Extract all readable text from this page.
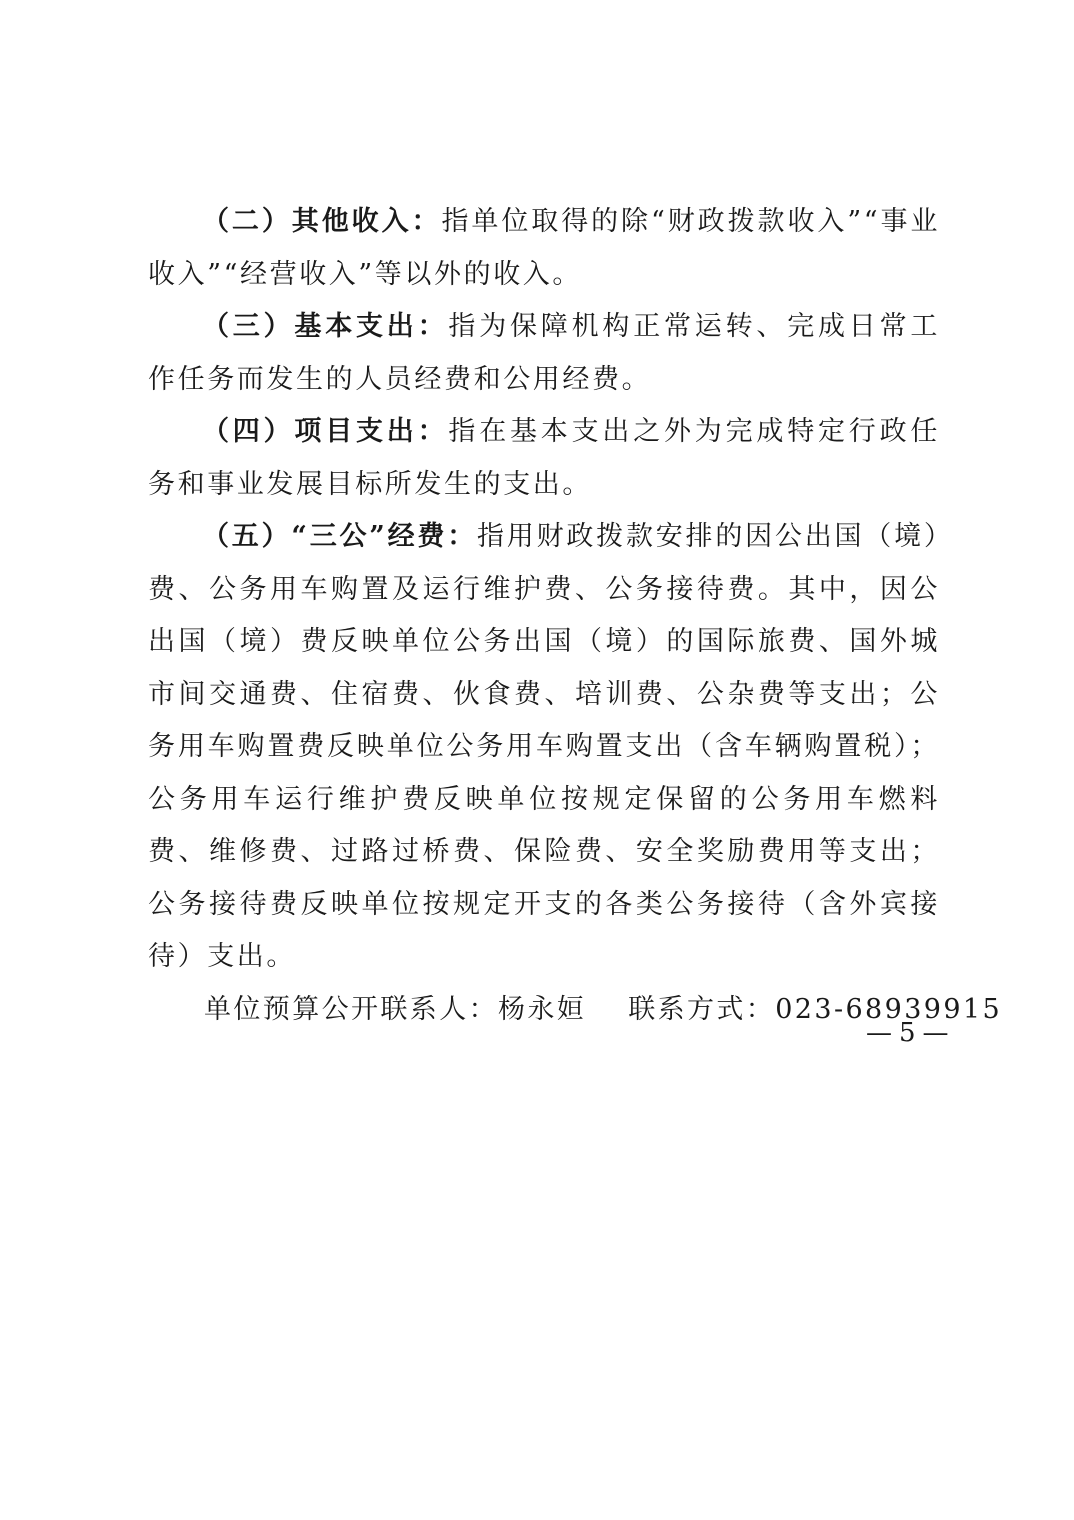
（二）其他收入：指单位取得的除“财政拨款收入”“事业收入”“经营收入”等以外的收入。

（三）基本支出：指为保障机构正常运转、完成日常工作任务而发生的人员经费和公用经费。

（四）项目支出：指在基本支出之外为完成特定行政任务和事业发展目标所发生的支出。

（五）“三公”经费：指用财政拨款安排的因公出国（境）费、公务用车购置及运行维护费、公务接待费。其中，因公出国（境）费反映单位公务出国（境）的国际旅费、国外城市间交通费、住宿费、伙食费、培训费、公杂费等支出；公务用车购置费反映单位公务用车购置支出（含车辆购置税）；公务用车运行维护费反映单位按规定保留的公务用车燃料费、维修费、过路过桥费、保险费、安全奖励费用等支出；公务接待费反映单位按规定开支的各类公务接待（含外宾接待）支出。

单位预算公开联系人：杨永姮 联系方式：023-68939915

— 5 —
